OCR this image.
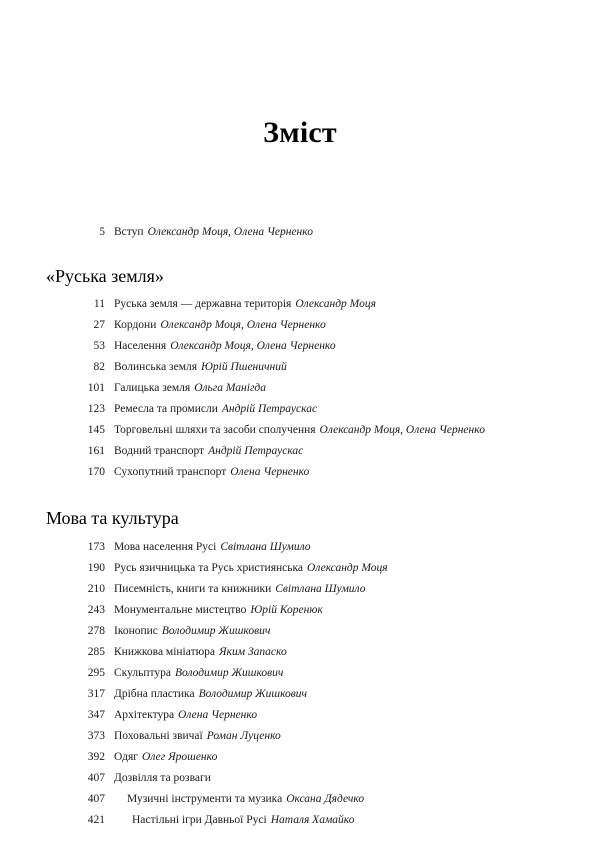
Зміст
5 Вступ Олександр Моця, Олена Черненко
«Руська земля»
11 Руська земля — державна територія Олександр Моця
27 Кордони Олександр Моця, Олена Черненко
53 Населення Олександр Моця, Олена Черненко
82 Волинська земля Юрій Пшеничний
101 Галицька земля Ольга Манігда
123 Ремесла та промисли Андрій Петраускас
145 Торговельні шляхи та засоби сполучення Олександр Моця, Олена Черненко
161 Водний транспорт Андрій Петраускас
170 Сухопутний транспорт Олена Черненко
Мова та культура
173 Мова населення Русі Світлана Шумило
190 Русь язичницька та Русь християнська Олександр Моця
210 Писемність, книги та книжники Світлана Шумило
243 Монументальне мистецтво Юрій Коренюк
278 Іконопис Володимир Жишкович
285 Книжкова мініатюра Яким Запаско
295 Скульптура Володимир Жишкович
317 Дрібна пластика Володимир Жишкович
347 Архітектура Олена Черненко
373 Поховальні звичаї Роман Луценко
392 Одяг Олег Ярошенко
407 Дозвілля та розваги
407	Музичні інструменти та музика Оксана Дядечко
421	Настільні ігри Давньої Русі Наталя Хамайко
